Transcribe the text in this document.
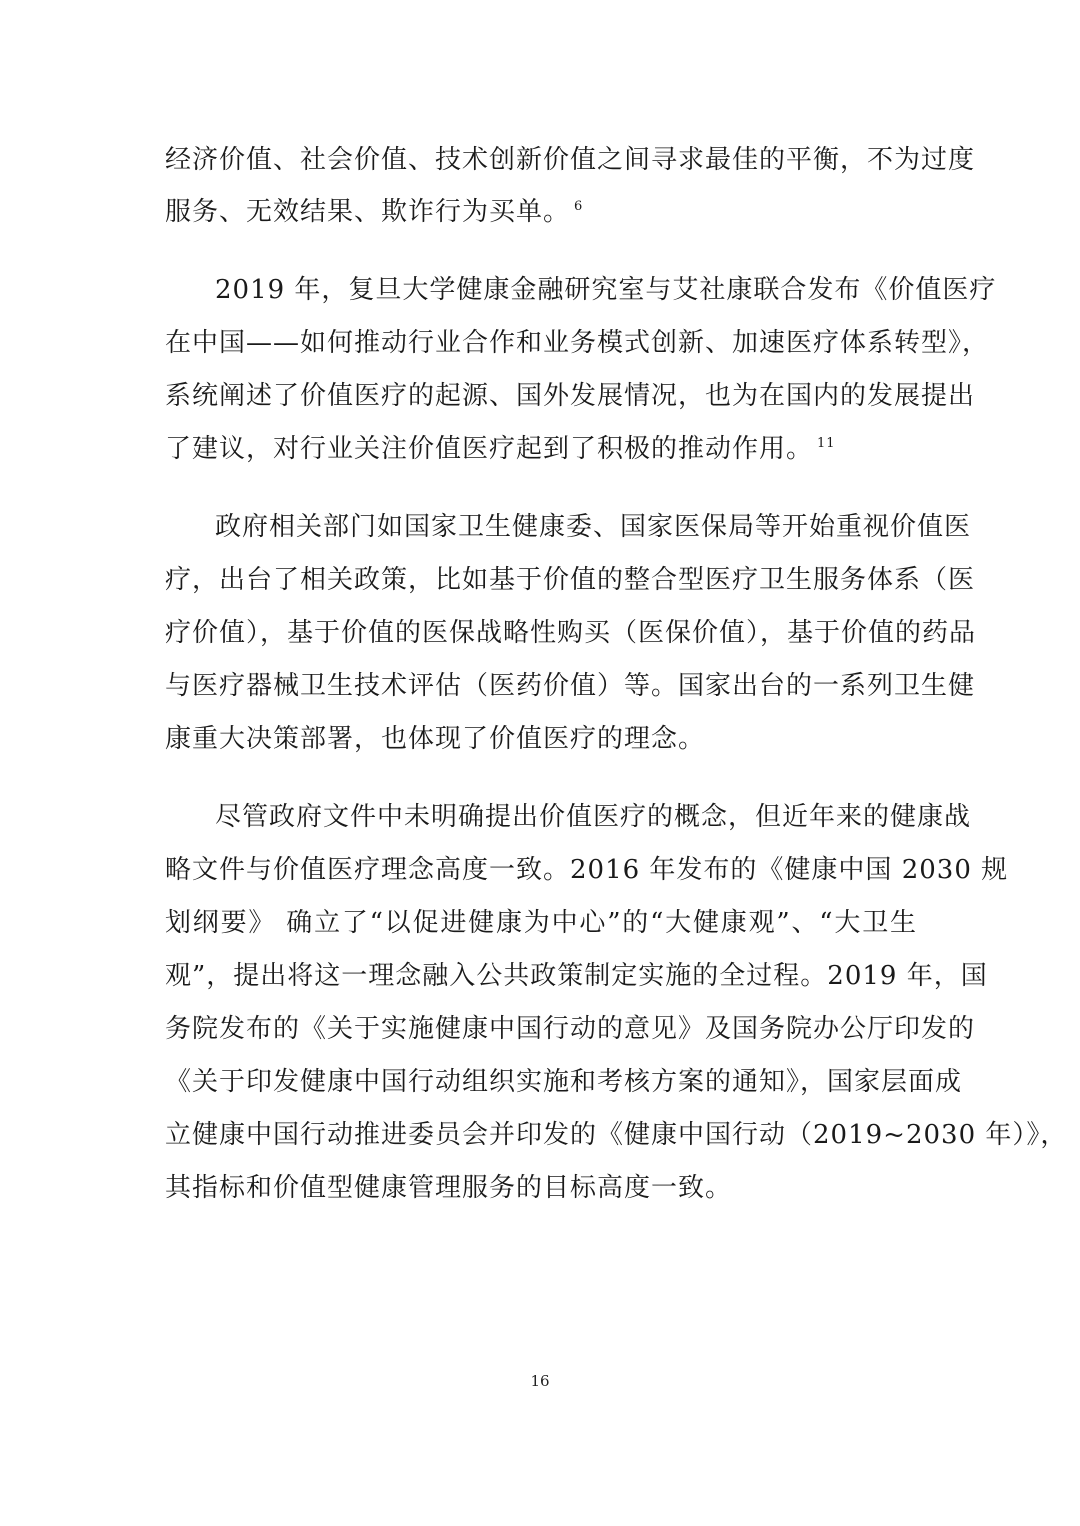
经济价值、社会价值、技术创新价值之间寻求最佳的平衡，不为过度
服务、无效结果、欺诈行为买单。 $^6$
2019 年，复旦大学健康金融研究室与艾社康联合发布《价值医疗
在中国——如何推动行业合作和业务模式创新、加速医疗体系转型》，
系统阐述了价值医疗的起源、国外发展情况，也为在国内的发展提出
了建议，对行业关注价值医疗起到了积极的推动作用。 $^{11}$
政府相关部门如国家卫生健康委、国家医保局等开始重视价值医
疗，出台了相关政策，比如基于价值的整合型医疗卫生服务体系（医
疗价值），基于价值的医保战略性购买（医保价值），基于价值的药品
与医疗器械卫生技术评估（医药价值）等。国家出台的一系列卫生健
康重大决策部署，也体现了价值医疗的理念。
尽管政府文件中未明确提出价值医疗的概念，但近年来的健康战
略文件与价值医疗理念高度一致。2016 年发布的《健康中国 2030 规
划纲要》 确立了“以促进健康为中心”的“大健康观”、“大卫生
观”，提出将这一理念融入公共政策制定实施的全过程。2019 年，国
务院发布的《关于实施健康中国行动的意见》及国务院办公厅印发的
《关于印发健康中国行动组织实施和考核方案的通知》，国家层面成
立健康中国行动推进委员会并印发的《健康中国行动（2019~2030 年）》，
其指标和价值型健康管理服务的目标高度一致。
16
